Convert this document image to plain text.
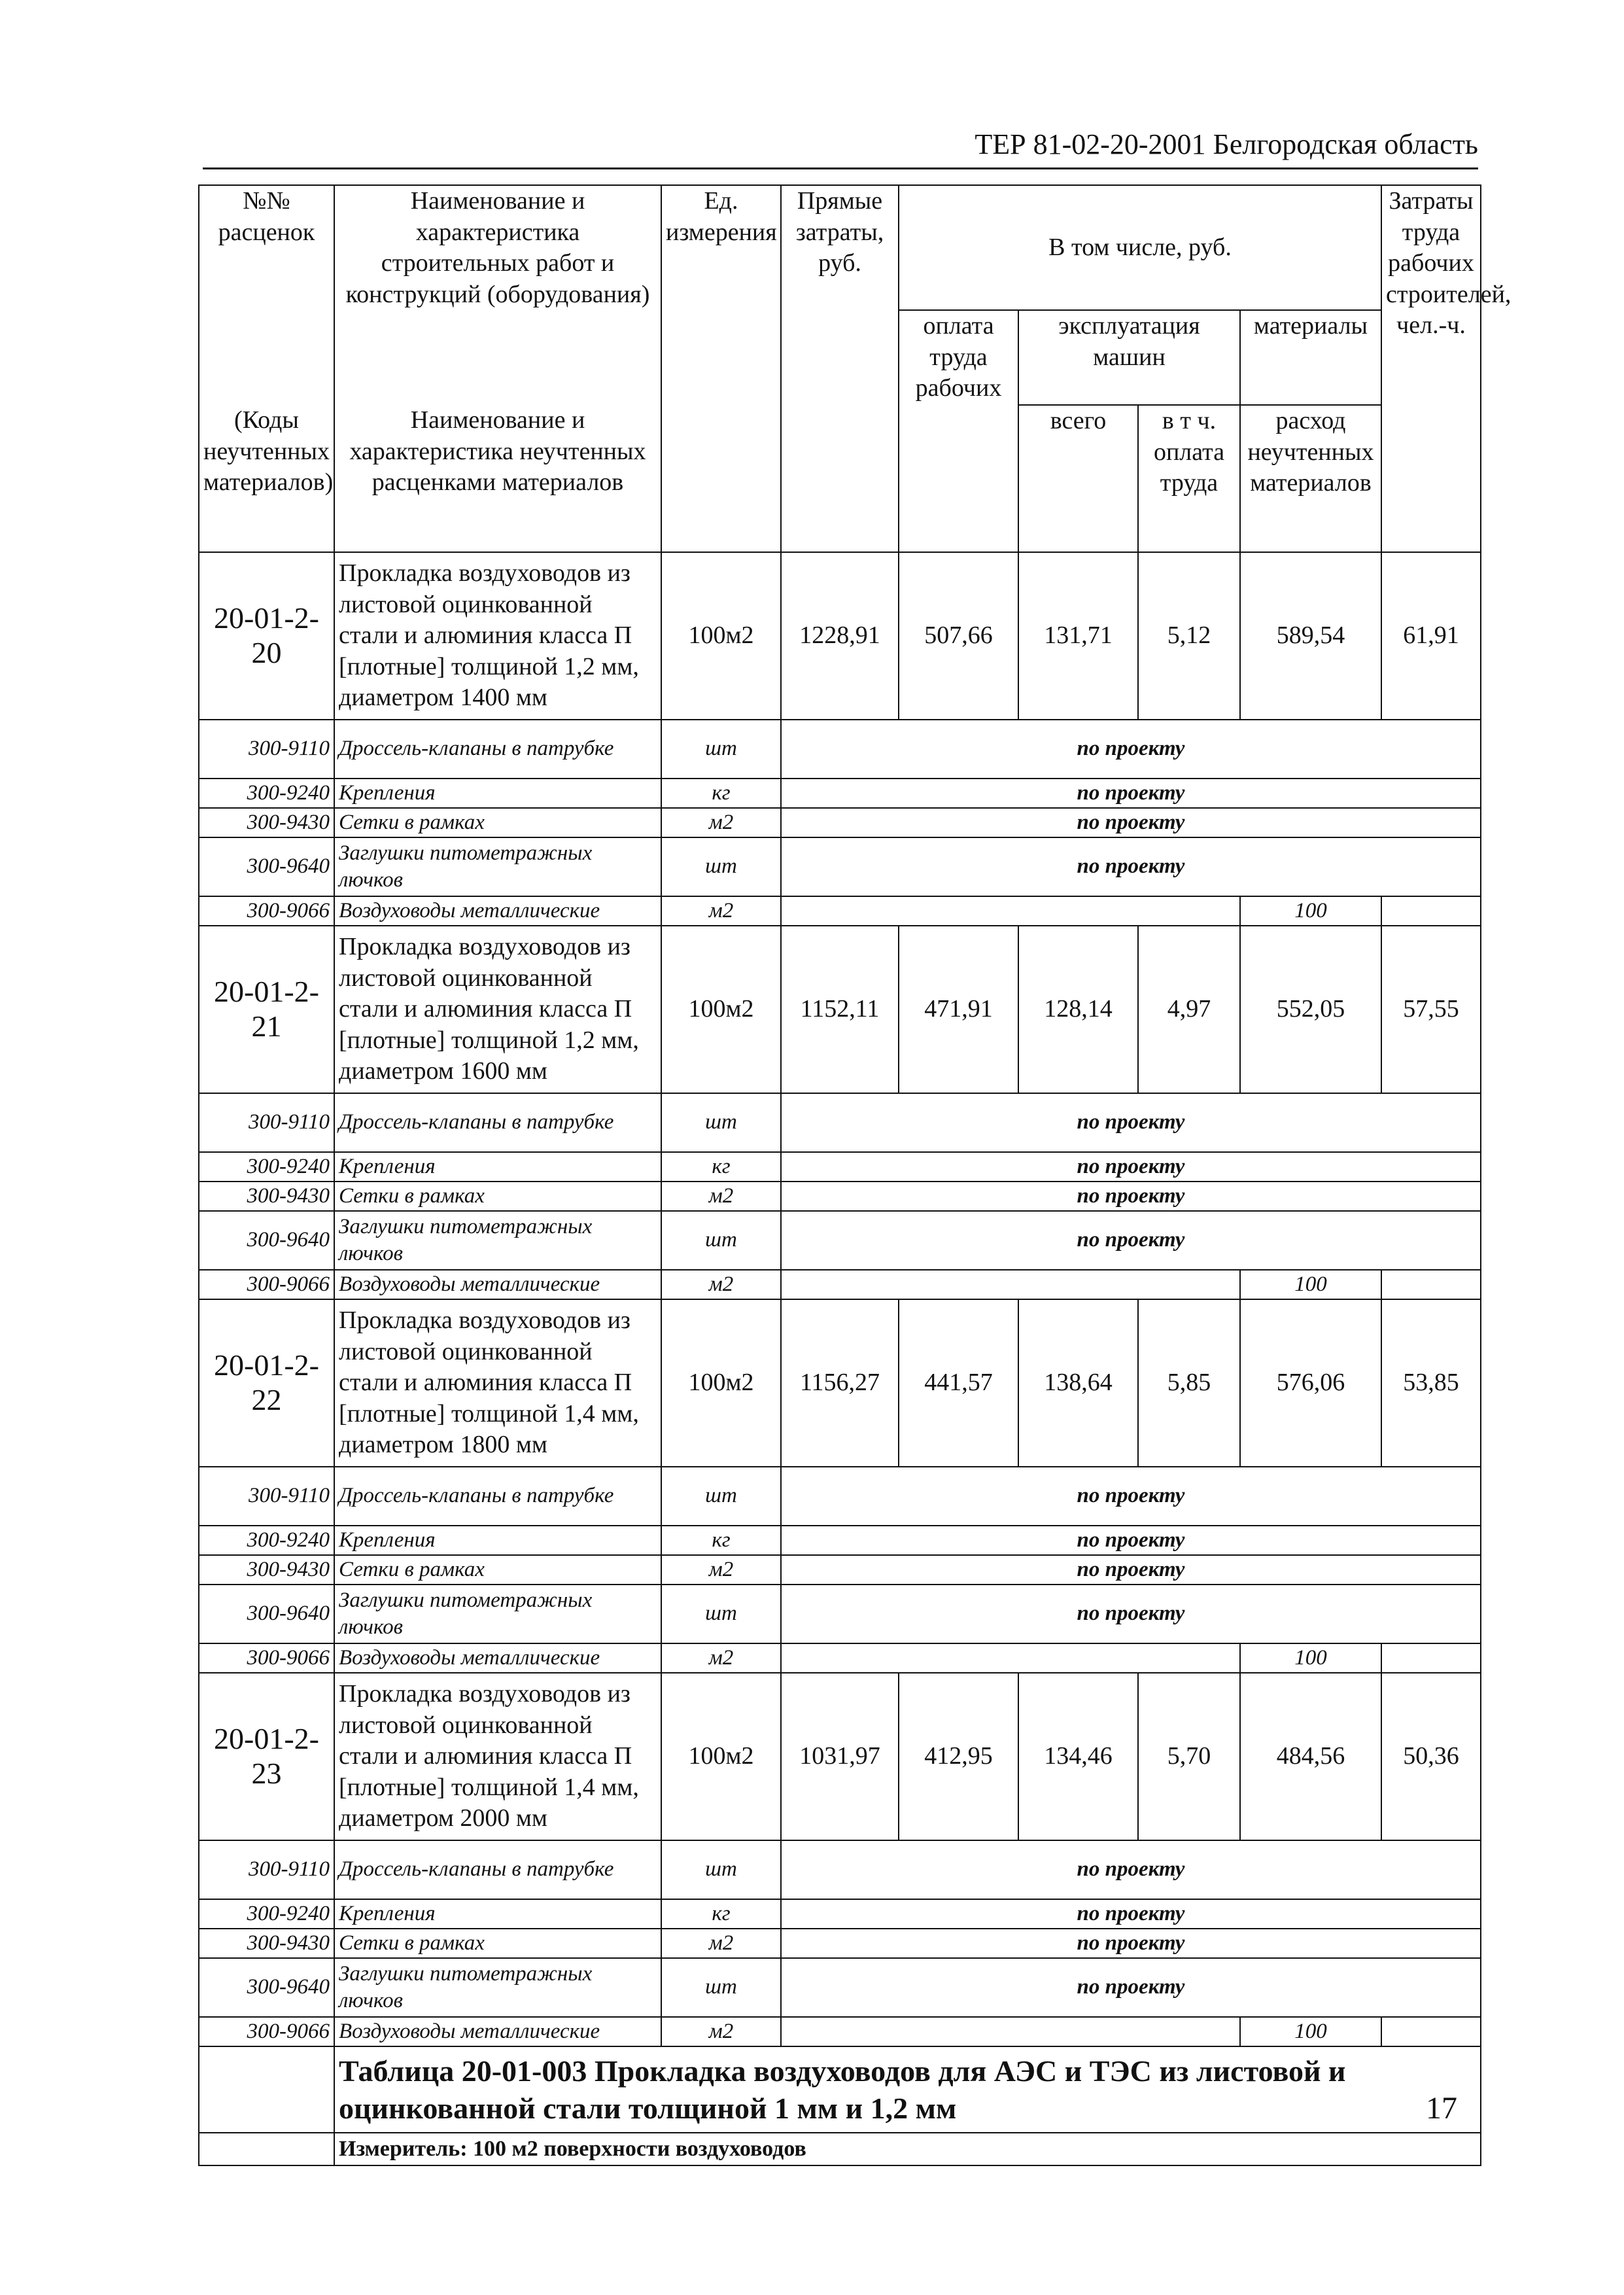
ТЕР 81-02-20-2001 Белгородская область
№№ расценок	Наименование и характеристика строительных работ и конструкций (оборудования)	Ед. измерения	Прямые затраты, руб.	В том числе, руб.				Затраты труда рабочих строителей, чел.-ч.
				оплата труда рабочих	эксплуатация машин		материалы	
(Коды неучтенных материалов)	Наименование и характеристика неучтенных расценками материалов				всего	в т ч. оплата труда	расход неучтенных материалов	

20-01-2-20	Прокладка воздуховодов из листовой оцинкованной стали и алюминия класса П [плотные] толщиной 1,2 мм, диаметром 1400 мм	100м2	1228,91	507,66	131,71	5,12	589,54	61,91
300-9110	Дроссель-клапаны в патрубке	шт	по проекту					
300-9240	Крепления	кг	по проекту					
300-9430	Сетки в рамках	м2	по проекту					
300-9640	Заглушки питометражных лючков	шт	по проекту					
300-9066	Воздуховоды металлические	м2					100	
20-01-2-21	Прокладка воздуховодов из листовой оцинкованной стали и алюминия класса П [плотные] толщиной 1,2 мм, диаметром 1600 мм	100м2	1152,11	471,91	128,14	4,97	552,05	57,55
300-9110	Дроссель-клапаны в патрубке	шт	по проекту					
300-9240	Крепления	кг	по проекту					
300-9430	Сетки в рамках	м2	по проекту					
300-9640	Заглушки питометражных лючков	шт	по проекту					
300-9066	Воздуховоды металлические	м2					100	
20-01-2-22	Прокладка воздуховодов из листовой оцинкованной стали и алюминия класса П [плотные] толщиной 1,4 мм, диаметром 1800 мм	100м2	1156,27	441,57	138,64	5,85	576,06	53,85
300-9110	Дроссель-клапаны в патрубке	шт	по проекту					
300-9240	Крепления	кг	по проекту					
300-9430	Сетки в рамках	м2	по проекту					
300-9640	Заглушки питометражных лючков	шт	по проекту					
300-9066	Воздуховоды металлические	м2					100	
20-01-2-23	Прокладка воздуховодов из листовой оцинкованной стали и алюминия класса П [плотные] толщиной 1,4 мм, диаметром 2000 мм	100м2	1031,97	412,95	134,46	5,70	484,56	50,36
300-9110	Дроссель-клапаны в патрубке	шт	по проекту					
300-9240	Крепления	кг	по проекту					
300-9430	Сетки в рамках	м2	по проекту					
300-9640	Заглушки питометражных лючков	шт	по проекту					
300-9066	Воздуховоды металлические	м2					100	
	Таблица 20-01-003 Прокладка воздуховодов для АЭС и ТЭС из листовой и оцинкованной стали толщиной 1 мм и 1,2 мм							
	Измеритель: 100 м2 поверхности воздуховодов							
17
